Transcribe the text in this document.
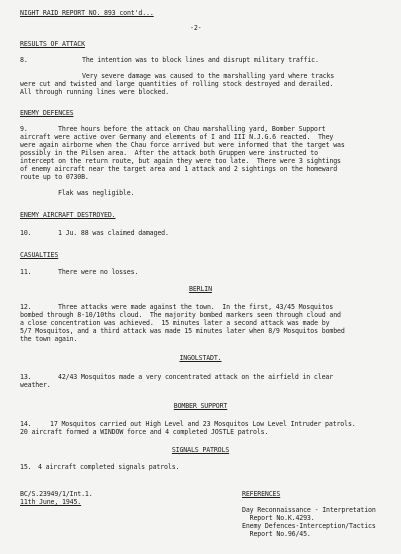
NIGHT RAID REPORT NO. 893 cont'd...
-2-
RESULTS OF ATTACK
8.	The intention was to block lines and disrupt military traffic.
Very severe damage was caused to the marshalling yard where tracks
were cut and twisted and large quantities of rolling stock destroyed and derailed.
All through running lines were blocked.
ENEMY DEFENCES
9.	Three hours before the attack on Chau marshalling yard, Bomber Support
aircraft were active over Germany and elements of I and III N.J.G.6 reacted.  They
were again airborne when the Chau force arrived but were informed that the target was
possibly in the Pilsen area.  After the attack both Gruppen were instructed to
intercept on the return route, but again they were too late.  There were 3 sightings
of enemy aircraft near the target area and 1 attack and 2 sightings on the homeward
route up to 0730B.
Flak was negligible.
ENEMY AIRCRAFT DESTROYED.
10.	1 Ju. 88 was claimed damaged.
CASUALTIES
11.	There were no losses.
BERLIN
12.	Three attacks were made against the town.  In the first, 43/45 Mosquitos
bombed through 8-10/10ths cloud.  The majority bombed markers seen through cloud and
a close concentration was achieved.  15 minutes later a second attack was made by
5/7 Mosquitos, and a third attack was made 15 minutes later when 8/9 Mosquitos bombed
the town again.
INGOLSTADT.
13.	42/43 Mosquitos made a very concentrated attack on the airfield in clear
weather.
BOMBER SUPPORT
14.	17 Mosquitos carried out High Level and 23 Mosquitos Low Level Intruder patrols.
20 aircraft formed a WINDOW force and 4 completed JOSTLE patrols.
SIGNALS PATROLS
15. 4 aircraft completed signals patrols.
BC/S.23949/1/Int.1.
11th June, 1945.
REFERENCES
Day Reconnaissance - Interpretation
Report No.K.4293.
Enemy Defences-Interception/Tactics
Report No.96/45.
